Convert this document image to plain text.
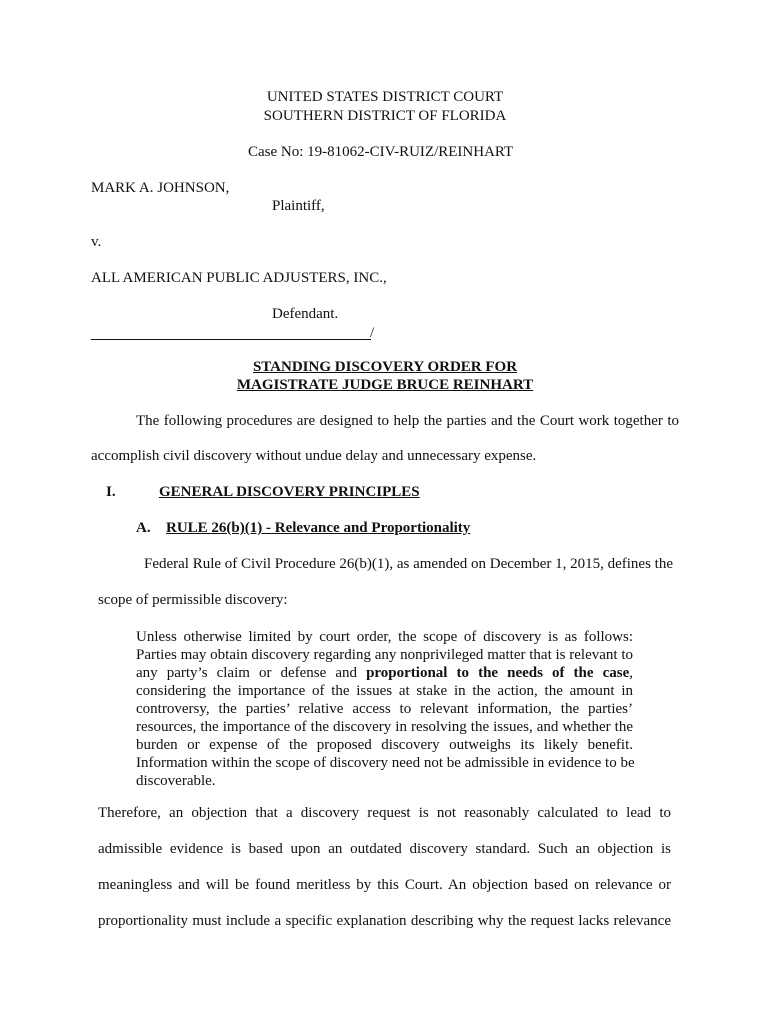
UNITED STATES DISTRICT COURT
SOUTHERN DISTRICT OF FLORIDA
Case No: 19-81062-CIV-RUIZ/REINHART
MARK A. JOHNSON,
Plaintiff,
v.
ALL AMERICAN PUBLIC ADJUSTERS, INC.,
Defendant.
/
STANDING DISCOVERY ORDER FOR
MAGISTRATE JUDGE BRUCE REINHART
The following procedures are designed to help the parties and the Court work together to
accomplish civil discovery without undue delay and unnecessary expense.
I.	GENERAL DISCOVERY PRINCIPLES
A. RULE 26(b)(1) - Relevance and Proportionality
Federal Rule of Civil Procedure 26(b)(1), as amended on December 1, 2015, defines the
scope of permissible discovery:
Unless otherwise limited by court order, the scope of discovery is as follows:
Parties may obtain discovery regarding any nonprivileged matter that is relevant to
any party’s claim or defense and proportional to the needs of the case,
considering the importance of the issues at stake in the action, the amount in
controversy, the parties’ relative access to relevant information, the parties’
resources, the importance of the discovery in resolving the issues, and whether the
burden or expense of the proposed discovery outweighs its likely benefit.
Information within the scope of discovery need not be admissible in evidence to be
discoverable.
Therefore, an objection that a discovery request is not reasonably calculated to lead to
admissible evidence is based upon an outdated discovery standard. Such an objection is
meaningless and will be found meritless by this Court. An objection based on relevance or
proportionality must include a specific explanation describing why the request lacks relevance
